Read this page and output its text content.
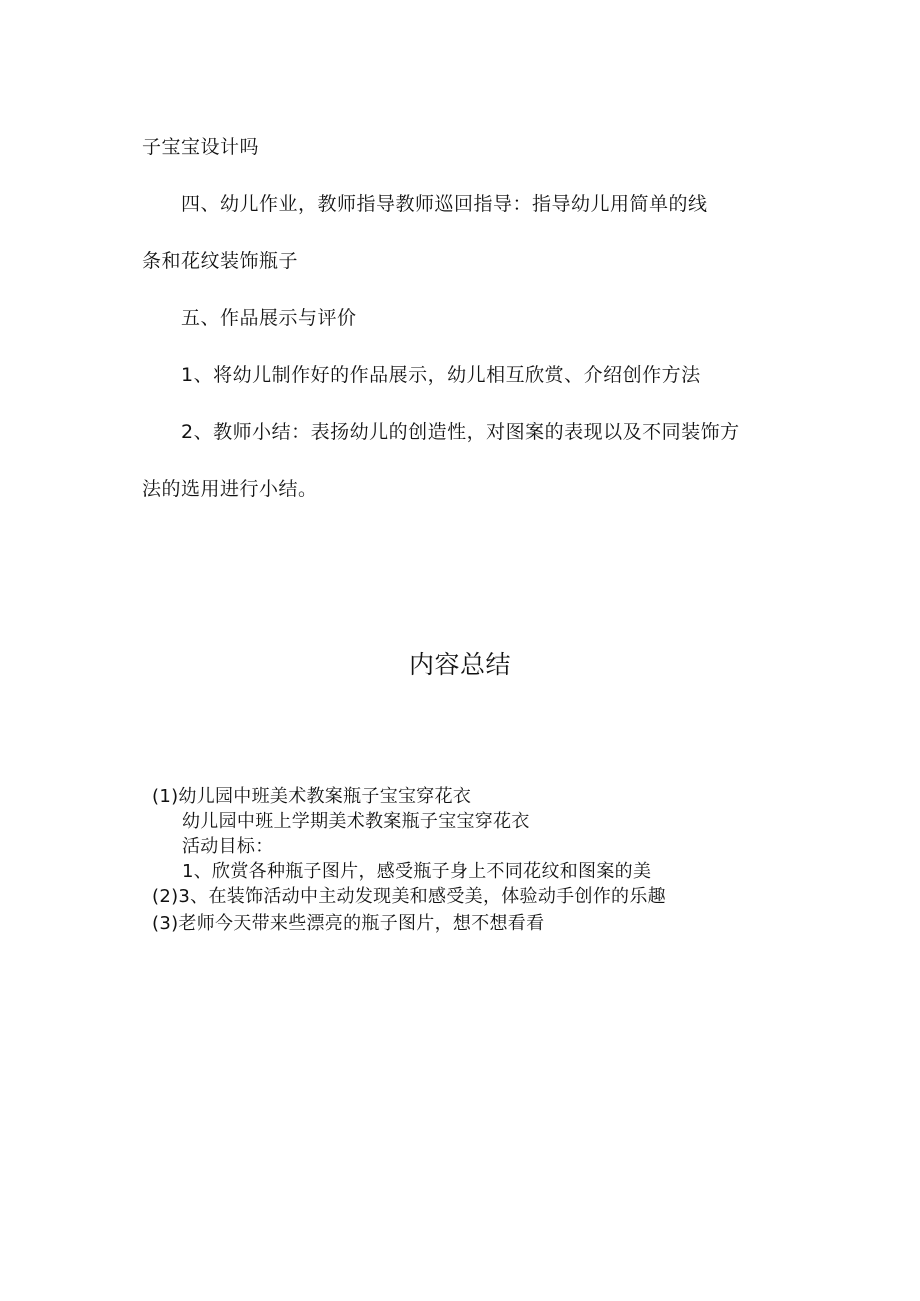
子宝宝设计吗
四、幼儿作业，教师指导教师巡回指导：指导幼儿用简单的线
条和花纹装饰瓶子
五、作品展示与评价
1、将幼儿制作好的作品展示，幼儿相互欣赏、介绍创作方法
2、教师小结：表扬幼儿的创造性，对图案的表现以及不同装饰方
法的选用进行小结。
内容总结
(1)幼儿园中班美术教案瓶子宝宝穿花衣
幼儿园中班上学期美术教案瓶子宝宝穿花衣
活动目标：
1、欣赏各种瓶子图片，感受瓶子身上不同花纹和图案的美
(2)3、在装饰活动中主动发现美和感受美，体验动手创作的乐趣
(3)老师今天带来些漂亮的瓶子图片，想不想看看
